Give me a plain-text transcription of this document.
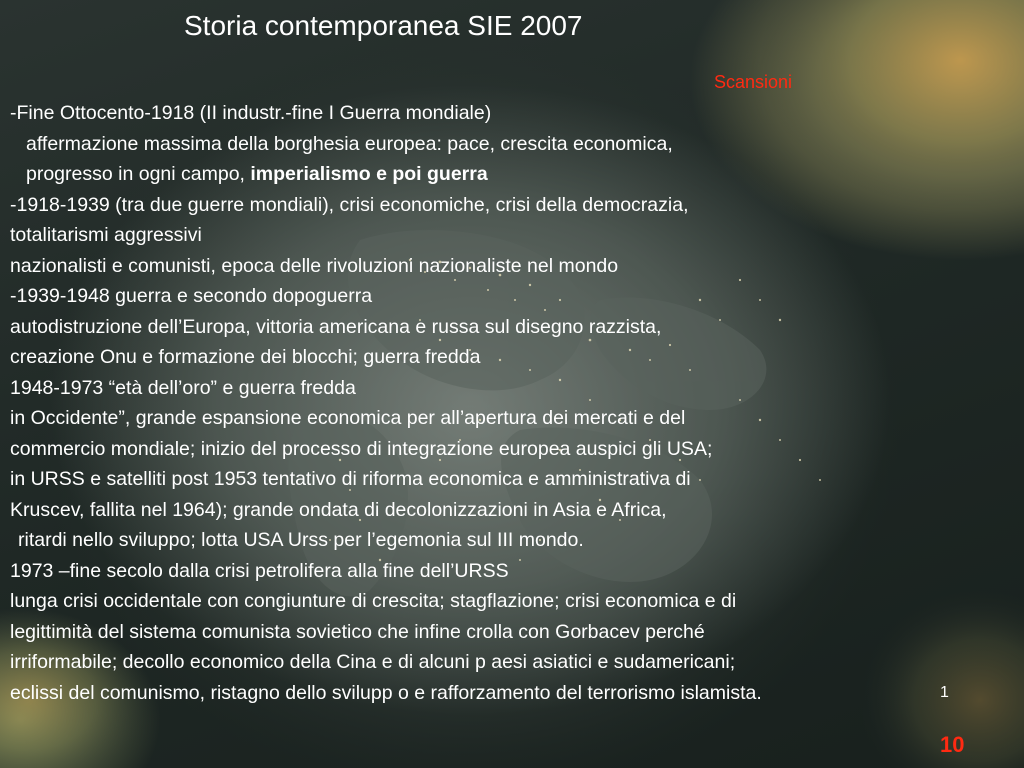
Storia contemporanea SIE 2007
Scansioni
-Fine Ottocento-1918 (II industr.-fine I Guerra mondiale)
affermazione massima della borghesia europea: pace, crescita economica,
progresso in ogni campo, imperialismo e poi guerra
-1918-1939 (tra due guerre mondiali), crisi economiche, crisi della democrazia,
totalitarismi aggressivi
nazionalisti e comunisti, epoca delle rivoluzioni nazionaliste nel mondo
-1939-1948 guerra e secondo dopoguerra
autodistruzione dell’Europa, vittoria americana e russa sul disegno razzista,
creazione Onu e formazione dei blocchi; guerra fredda
1948-1973 “età dell’oro” e guerra fredda
in Occidente”, grande espansione economica per all’apertura dei mercati e del
commercio mondiale; inizio del processo di integrazione europea auspici gli USA;
in URSS e satelliti post 1953 tentativo di riforma economica e amministrativa di
Kruscev, fallita nel 1964); grande ondata di decolonizzazioni in Asia e Africa,
ritardi nello sviluppo; lotta USA Urss per l’egemonia sul III mondo.
1973 –fine secolo dalla crisi petrolifera alla fine dell’URSS
lunga crisi occidentale con congiunture di crescita; stagflazione; crisi economica e di
legittimità del sistema comunista sovietico che infine crolla con Gorbacev perché
irriformabile; decollo economico della Cina e di alcuni p aesi asiatici e sudamericani;
eclissi del comunismo, ristagno dello svilupp o e rafforzamento del terrorismo islamista.	1
10
